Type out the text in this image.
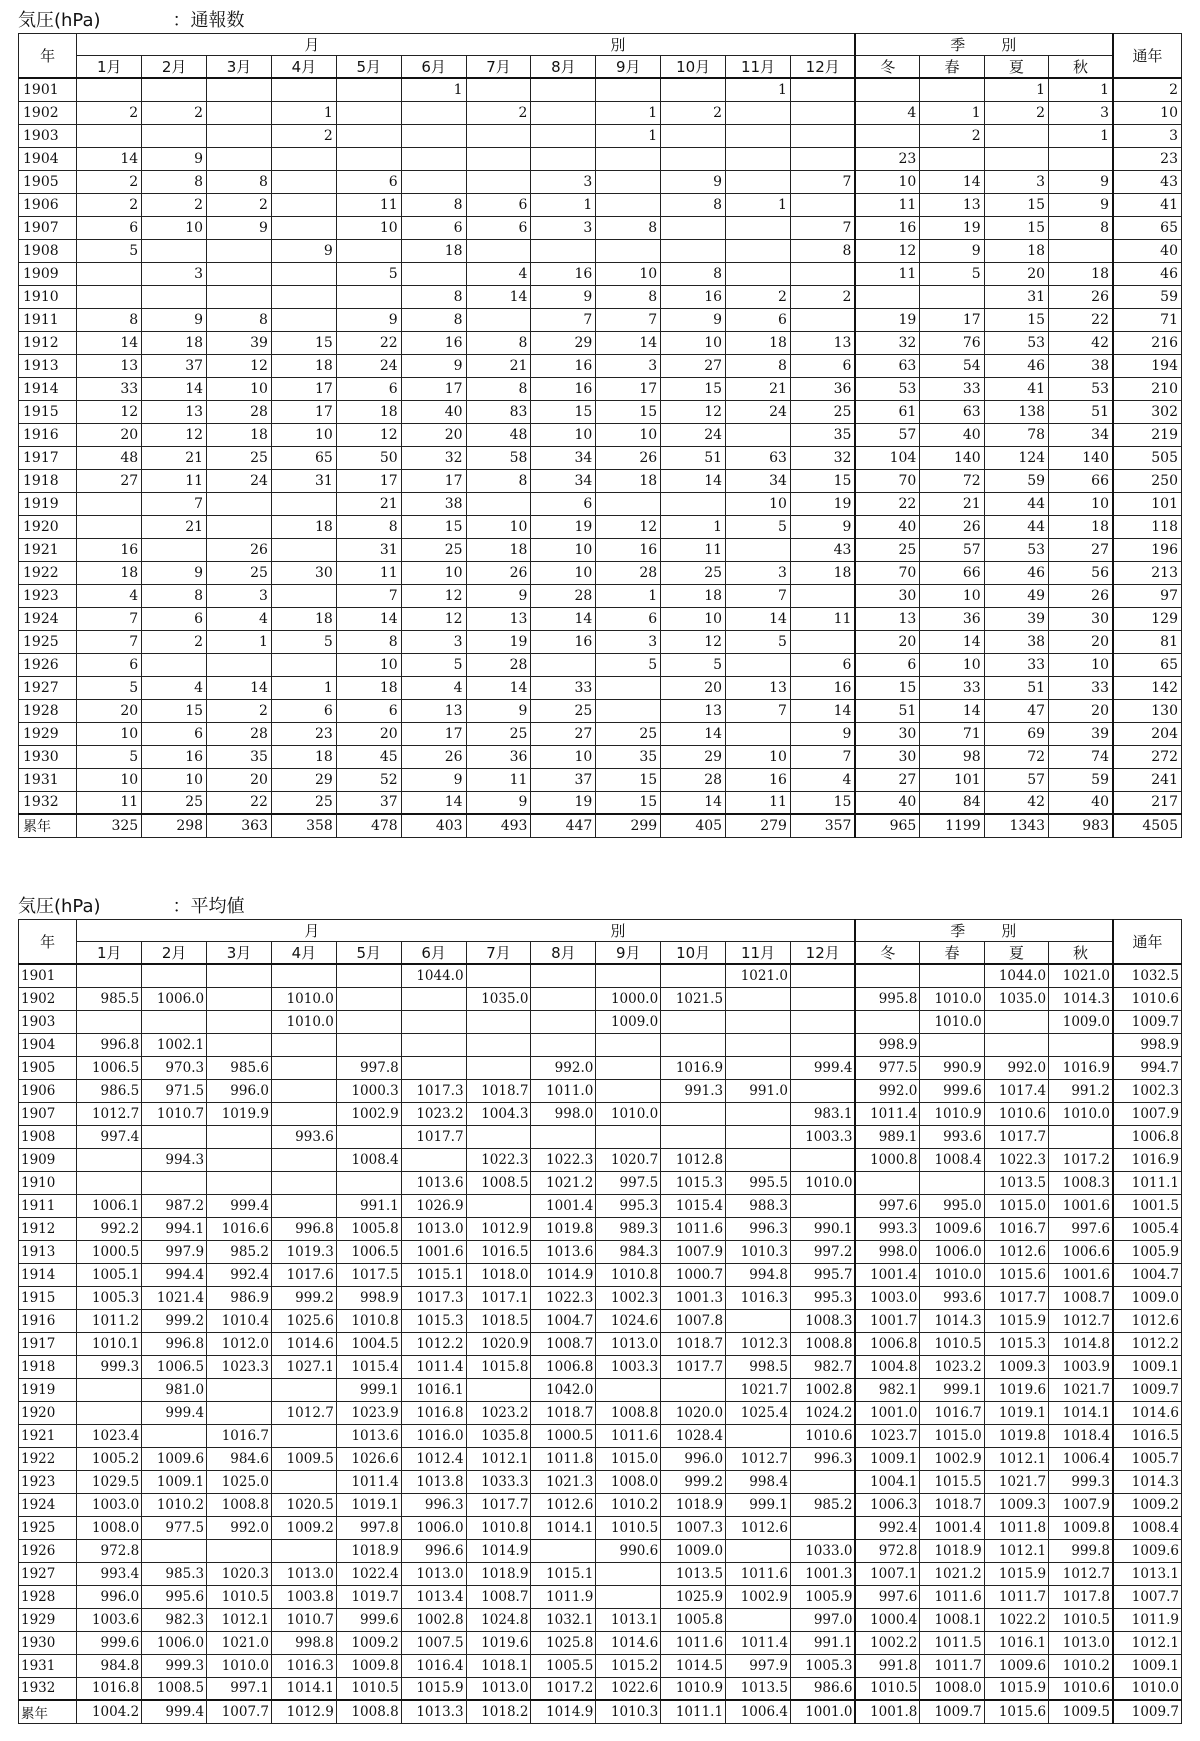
気圧(hPa)　　　　：通報数
年	月　　　　　　　　　　　　　　　　　別												季　　別				通年
	1月	2月	3月	4月	5月	6月	7月	8月	9月	10月	11月	12月	冬	春	夏	秋	
1901						1					1				1	1	2
1902	2	2		1			2		1	2			4	1	2	3	10
1903				2					1					2		1	3
1904	14	9											23				23
1905	2	8	8		6			3		9		7	10	14	3	9	43
1906	2	2	2		11	8	6	1		8	1		11	13	15	9	41
1907	6	10	9		10	6	6	3	8			7	16	19	15	8	65
1908	5			9		18						8	12	9	18		40
1909		3			5		4	16	10	8			11	5	20	18	46
1910						8	14	9	8	16	2	2			31	26	59
1911	8	9	8		9	8		7	7	9	6		19	17	15	22	71
1912	14	18	39	15	22	16	8	29	14	10	18	13	32	76	53	42	216
1913	13	37	12	18	24	9	21	16	3	27	8	6	63	54	46	38	194
1914	33	14	10	17	6	17	8	16	17	15	21	36	53	33	41	53	210
1915	12	13	28	17	18	40	83	15	15	12	24	25	61	63	138	51	302
1916	20	12	18	10	12	20	48	10	10	24		35	57	40	78	34	219
1917	48	21	25	65	50	32	58	34	26	51	63	32	104	140	124	140	505
1918	27	11	24	31	17	17	8	34	18	14	34	15	70	72	59	66	250
1919		7			21	38		6			10	19	22	21	44	10	101
1920		21		18	8	15	10	19	12	1	5	9	40	26	44	18	118
1921	16		26		31	25	18	10	16	11		43	25	57	53	27	196
1922	18	9	25	30	11	10	26	10	28	25	3	18	70	66	46	56	213
1923	4	8	3		7	12	9	28	1	18	7		30	10	49	26	97
1924	7	6	4	18	14	12	13	14	6	10	14	11	13	36	39	30	129
1925	7	2	1	5	8	3	19	16	3	12	5		20	14	38	20	81
1926	6				10	5	28		5	5		6	6	10	33	10	65
1927	5	4	14	1	18	4	14	33		20	13	16	15	33	51	33	142
1928	20	15	2	6	6	13	9	25		13	7	14	51	14	47	20	130
1929	10	6	28	23	20	17	25	27	25	14		9	30	71	69	39	204
1930	5	16	35	18	45	26	36	10	35	29	10	7	30	98	72	74	272
1931	10	10	20	29	52	9	11	37	15	28	16	4	27	101	57	59	241
1932	11	25	22	25	37	14	9	19	15	14	11	15	40	84	42	40	217
累年	325	298	363	358	478	403	493	447	299	405	279	357	965	1199	1343	983	4505
気圧(hPa)　　　　：平均値
年	月　　　　　　　　　　　　　　　　　別												季　　別				通年
	1月	2月	3月	4月	5月	6月	7月	8月	9月	10月	11月	12月	冬	春	夏	秋	
1901						1044.0					1021.0				1044.0	1021.0	1032.5
1902	985.5	1006.0		1010.0			1035.0		1000.0	1021.5			995.8	1010.0	1035.0	1014.3	1010.6
1903				1010.0					1009.0					1010.0		1009.0	1009.7
1904	996.8	1002.1											998.9				998.9
1905	1006.5	970.3	985.6		997.8			992.0		1016.9		999.4	977.5	990.9	992.0	1016.9	994.7
1906	986.5	971.5	996.0		1000.3	1017.3	1018.7	1011.0		991.3	991.0		992.0	999.6	1017.4	991.2	1002.3
1907	1012.7	1010.7	1019.9		1002.9	1023.2	1004.3	998.0	1010.0			983.1	1011.4	1010.9	1010.6	1010.0	1007.9
1908	997.4			993.6		1017.7						1003.3	989.1	993.6	1017.7		1006.8
1909		994.3			1008.4		1022.3	1022.3	1020.7	1012.8			1000.8	1008.4	1022.3	1017.2	1016.9
1910						1013.6	1008.5	1021.2	997.5	1015.3	995.5	1010.0			1013.5	1008.3	1011.1
1911	1006.1	987.2	999.4		991.1	1026.9		1001.4	995.3	1015.4	988.3		997.6	995.0	1015.0	1001.6	1001.5
1912	992.2	994.1	1016.6	996.8	1005.8	1013.0	1012.9	1019.8	989.3	1011.6	996.3	990.1	993.3	1009.6	1016.7	997.6	1005.4
1913	1000.5	997.9	985.2	1019.3	1006.5	1001.6	1016.5	1013.6	984.3	1007.9	1010.3	997.2	998.0	1006.0	1012.6	1006.6	1005.9
1914	1005.1	994.4	992.4	1017.6	1017.5	1015.1	1018.0	1014.9	1010.8	1000.7	994.8	995.7	1001.4	1010.0	1015.6	1001.6	1004.7
1915	1005.3	1021.4	986.9	999.2	998.9	1017.3	1017.1	1022.3	1002.3	1001.3	1016.3	995.3	1003.0	993.6	1017.7	1008.7	1009.0
1916	1011.2	999.2	1010.4	1025.6	1010.8	1015.3	1018.5	1004.7	1024.6	1007.8		1008.3	1001.7	1014.3	1015.9	1012.7	1012.6
1917	1010.1	996.8	1012.0	1014.6	1004.5	1012.2	1020.9	1008.7	1013.0	1018.7	1012.3	1008.8	1006.8	1010.5	1015.3	1014.8	1012.2
1918	999.3	1006.5	1023.3	1027.1	1015.4	1011.4	1015.8	1006.8	1003.3	1017.7	998.5	982.7	1004.8	1023.2	1009.3	1003.9	1009.1
1919		981.0			999.1	1016.1		1042.0			1021.7	1002.8	982.1	999.1	1019.6	1021.7	1009.7
1920		999.4		1012.7	1023.9	1016.8	1023.2	1018.7	1008.8	1020.0	1025.4	1024.2	1001.0	1016.7	1019.1	1014.1	1014.6
1921	1023.4		1016.7		1013.6	1016.0	1035.8	1000.5	1011.6	1028.4		1010.6	1023.7	1015.0	1019.8	1018.4	1016.5
1922	1005.2	1009.6	984.6	1009.5	1026.6	1012.4	1012.1	1011.8	1015.0	996.0	1012.7	996.3	1009.1	1002.9	1012.1	1006.4	1005.7
1923	1029.5	1009.1	1025.0		1011.4	1013.8	1033.3	1021.3	1008.0	999.2	998.4		1004.1	1015.5	1021.7	999.3	1014.3
1924	1003.0	1010.2	1008.8	1020.5	1019.1	996.3	1017.7	1012.6	1010.2	1018.9	999.1	985.2	1006.3	1018.7	1009.3	1007.9	1009.2
1925	1008.0	977.5	992.0	1009.2	997.8	1006.0	1010.8	1014.1	1010.5	1007.3	1012.6		992.4	1001.4	1011.8	1009.8	1008.4
1926	972.8				1018.9	996.6	1014.9		990.6	1009.0		1033.0	972.8	1018.9	1012.1	999.8	1009.6
1927	993.4	985.3	1020.3	1013.0	1022.4	1013.0	1018.9	1015.1		1013.5	1011.6	1001.3	1007.1	1021.2	1015.9	1012.7	1013.1
1928	996.0	995.6	1010.5	1003.8	1019.7	1013.4	1008.7	1011.9		1025.9	1002.9	1005.9	997.6	1011.6	1011.7	1017.8	1007.7
1929	1003.6	982.3	1012.1	1010.7	999.6	1002.8	1024.8	1032.1	1013.1	1005.8		997.0	1000.4	1008.1	1022.2	1010.5	1011.9
1930	999.6	1006.0	1021.0	998.8	1009.2	1007.5	1019.6	1025.8	1014.6	1011.6	1011.4	991.1	1002.2	1011.5	1016.1	1013.0	1012.1
1931	984.8	999.3	1010.0	1016.3	1009.8	1016.4	1018.1	1005.5	1015.2	1014.5	997.9	1005.3	991.8	1011.7	1009.6	1010.2	1009.1
1932	1016.8	1008.5	997.1	1014.1	1010.5	1015.9	1013.0	1017.2	1022.6	1010.9	1013.5	986.6	1010.5	1008.0	1015.9	1010.6	1010.0
累年	1004.2	999.4	1007.7	1012.9	1008.8	1013.3	1018.2	1014.9	1010.3	1011.1	1006.4	1001.0	1001.8	1009.7	1015.6	1009.5	1009.7
